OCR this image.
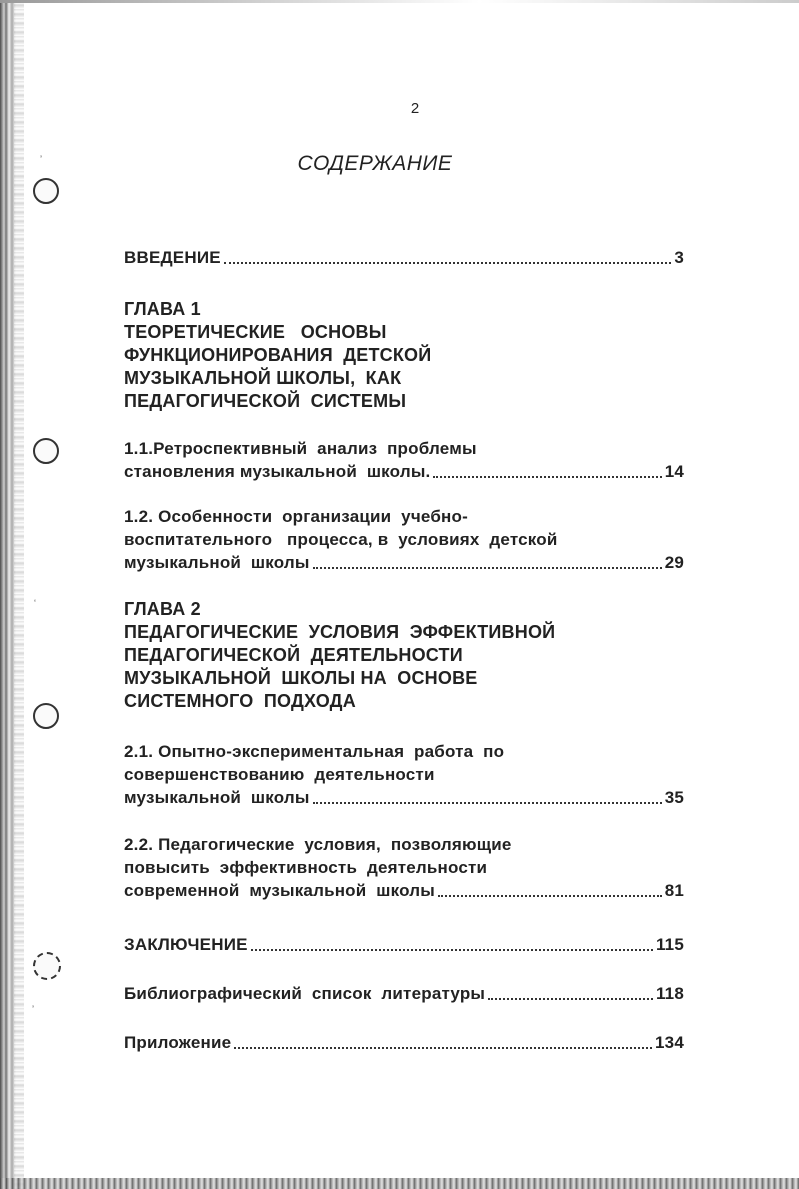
’
‘
’
2
СОДЕРЖАНИЕ
ВВЕДЕНИЕ	3
ГЛАВА 1
ТЕОРЕТИЧЕСКИЕ   ОСНОВЫ
ФУНКЦИОНИРОВАНИЯ  ДЕТСКОЙ
МУЗЫКАЛЬНОЙ ШКОЛЫ,  КАК
ПЕДАГОГИЧЕСКОЙ  СИСТЕМЫ
1.1.Ретроспективный  анализ  проблемы
становления музыкальной  школы.	14
1.2. Особенности  организации  учебно-
воспитательного   процесса, в  условиях  детской
музыкальной  школы	29
ГЛАВА 2
ПЕДАГОГИЧЕСКИЕ  УСЛОВИЯ  ЭФФЕКТИВНОЙ
ПЕДАГОГИЧЕСКОЙ  ДЕЯТЕЛЬНОСТИ
МУЗЫКАЛЬНОЙ  ШКОЛЫ НА  ОСНОВЕ
СИСТЕМНОГО  ПОДХОДА
2.1. Опытно-экспериментальная  работа  по
совершенствованию  деятельности
музыкальной  школы	35
2.2. Педагогические  условия,  позволяющие
повысить  эффективность  деятельности
современной  музыкальной  школы	81
ЗАКЛЮЧЕНИЕ	115
Библиографический  список  литературы	118
Приложение	134
